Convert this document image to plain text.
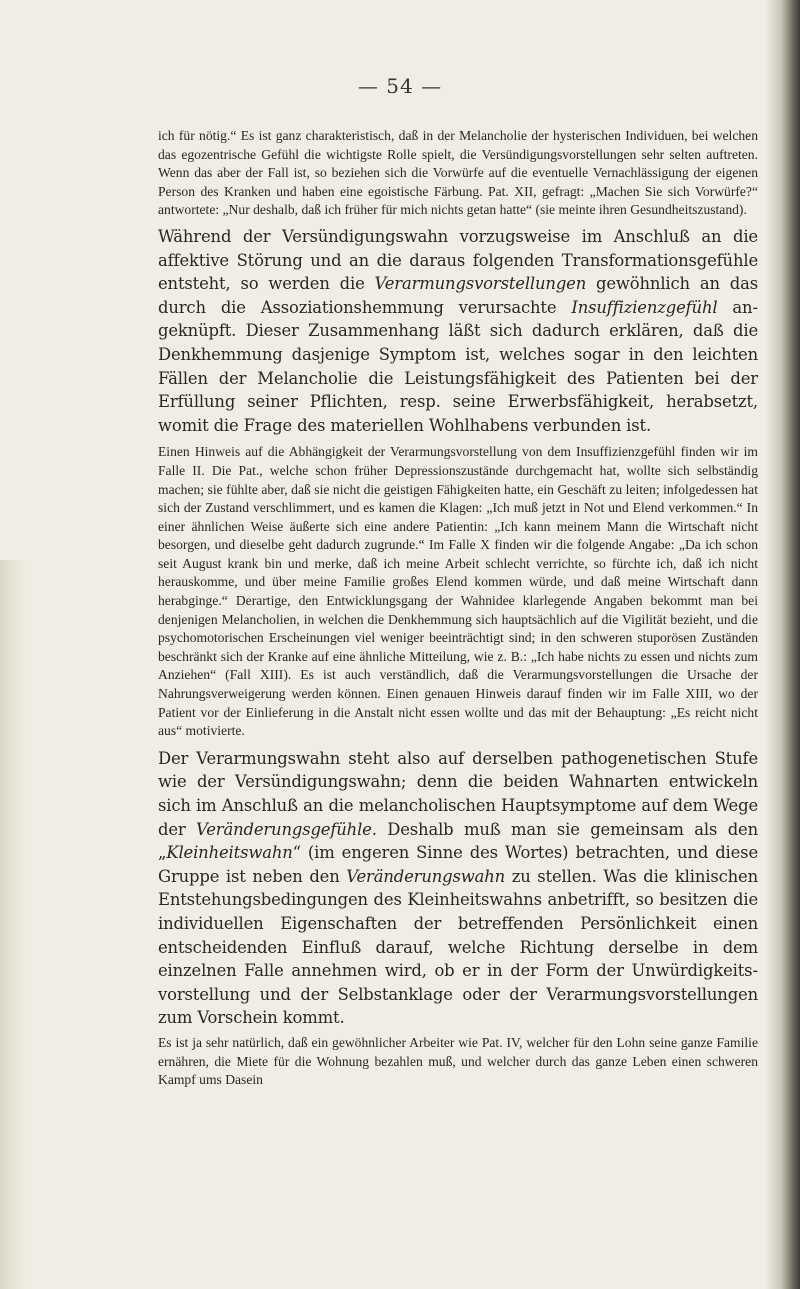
— 54 —

ich für nötig.“ Es ist ganz charakteristisch, daß in der Melancholie der hysterischen Individuen, bei welchen das egozentrische Gefühl die wichtigste Rolle spielt, die Versündigungsvorstellungen sehr selten auftreten. Wenn das aber der Fall ist, so beziehen sich die Vorwürfe auf die eventuelle Vernachlässigung der eigenen Person des Kranken und haben eine egoistische Färbung. Pat. XII, gefragt: „Machen Sie sich Vorwürfe?“ antwortete: „Nur deshalb, daß ich früher für mich nichts getan hatte“ (sie meinte ihren Gesundheitszustand).

Während der Versündigungswahn vorzugsweise im Anschluß an die affektive Störung und an die daraus folgenden Transformationsgefühle entsteht, so werden die Verarmungsvorstellungen gewöhnlich an das durch die Assoziationshemmung verursachte Insuffizienzgefühl angeknüpft. Dieser Zusammenhang läßt sich dadurch erklären, daß die Denkhemmung dasjenige Symptom ist, welches sogar in den leichten Fällen der Melancholie die Leistungsfähigkeit des Patienten bei der Erfüllung seiner Pflichten, resp. seine Erwerbsfähigkeit, herabsetzt, womit die Frage des materiellen Wohlhabens verbunden ist.

Einen Hinweis auf die Abhängigkeit der Verarmungsvorstellung von dem Insuffizienzgefühl finden wir im Falle II. Die Pat., welche schon früher Depressionszustände durchgemacht hat, wollte sich selbständig machen; sie fühlte aber, daß sie nicht die geistigen Fähigkeiten hatte, ein Geschäft zu leiten; infolgedessen hat sich der Zustand verschlimmert, und es kamen die Klagen: „Ich muß jetzt in Not und Elend verkommen.“ In einer ähnlichen Weise äußerte sich eine andere Patientin: „Ich kann meinem Mann die Wirtschaft nicht besorgen, und dieselbe geht dadurch zugrunde.“ Im Falle X finden wir die folgende Angabe: „Da ich schon seit August krank bin und merke, daß ich meine Arbeit schlecht verrichte, so fürchte ich, daß ich nicht herauskomme, und über meine Familie großes Elend kommen würde, und daß meine Wirtschaft dann herabginge.“ Derartige, den Entwicklungsgang der Wahnidee klarlegende Angaben bekommt man bei denjenigen Melancholien, in welchen die Denkhemmung sich hauptsächlich auf die Vigilität bezieht, und die psychomotorischen Erscheinungen viel weniger beeinträchtigt sind; in den schweren stuporösen Zuständen beschränkt sich der Kranke auf eine ähnliche Mitteilung, wie z. B.: „Ich habe nichts zu essen und nichts zum Anziehen“ (Fall XIII). Es ist auch verständlich, daß die Verarmungsvorstellungen die Ursache der Nahrungsverweigerung werden können. Einen genauen Hinweis darauf finden wir im Falle XIII, wo der Patient vor der Einlieferung in die Anstalt nicht essen wollte und das mit der Behauptung: „Es reicht nicht aus“ motivierte.

Der Verarmungswahn steht also auf derselben pathogenetischen Stufe wie der Versündigungswahn; denn die beiden Wahnarten entwickeln sich im Anschluß an die melancholischen Hauptsymptome auf dem Wege der Veränderungsgefühle. Deshalb muß man sie gemeinsam als den „Kleinheitswahn“ (im engeren Sinne des Wortes) betrachten, und diese Gruppe ist neben den Veränderungswahn zu stellen. Was die klinischen Entstehungsbedingungen des Kleinheitswahns anbetrifft, so besitzen die individuellen Eigenschaften der betreffenden Persönlichkeit einen entscheidenden Einfluß darauf, welche Richtung derselbe in dem einzelnen Falle annehmen wird, ob er in der Form der Unwürdigkeitsvorstellung und der Selbstanklage oder der Verarmungsvorstellungen zum Vorschein kommt.

Es ist ja sehr natürlich, daß ein gewöhnlicher Arbeiter wie Pat. IV, welcher für den Lohn seine ganze Familie ernähren, die Miete für die Wohnung bezahlen muß, und welcher durch das ganze Leben einen schweren Kampf ums Dasein
